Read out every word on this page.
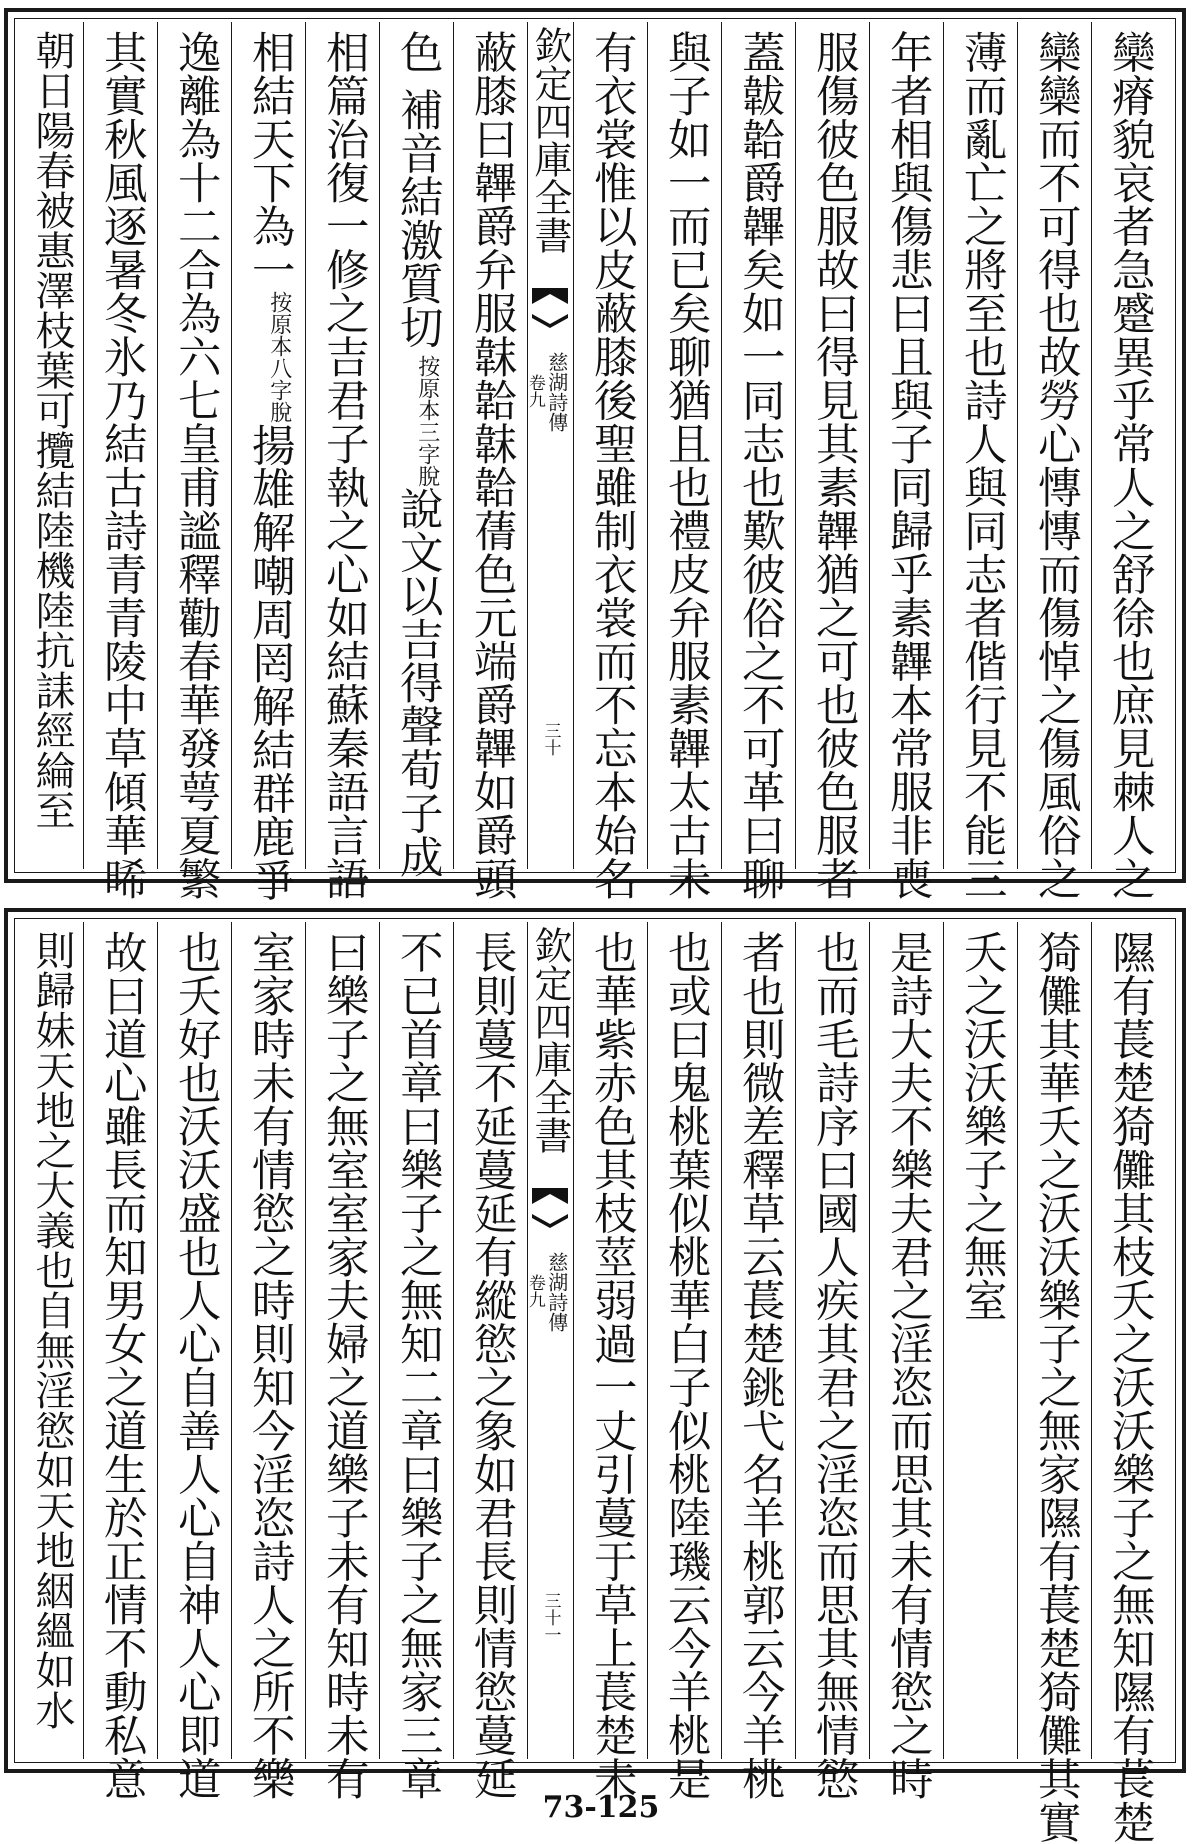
欒瘠貌哀者急蹙異乎常人之舒徐也庶見棘人之
欒欒而不可得也故勞心慱慱而傷悼之傷風俗之
薄而亂亡之將至也詩人與同志者偕行見不能三
年者相與傷悲曰且與子同歸乎素韠本常服非喪
服傷彼色服故曰得見其素韠猶之可也彼色服者
蓋韍韐爵韠矣如一同志也歎彼俗之不可革曰聊
與子如一而已矣聊猶且也禮皮弁服素韠太古未
有衣裳惟以皮蔽膝後聖雖制衣裳而不忘本始名
欽定四庫全書
慈湖詩傳
卷九
三十
蔽膝曰韠爵弁服韎韐韎韐蒨色元端爵韠如爵頭
色補音結激質切按原本三字脫說文以吉得聲荀子成
相篇治復一修之吉君子執之心如結蘇秦語言語
相結天下為一按原本八字脫揚雄解嘲周罔解結群鹿爭
逸離為十二合為六七皇甫謐釋勸春華發萼夏繁
其實秋風逐暑冬氷乃結古詩青青陵中草傾華晞
朝日陽春被惠澤枝葉可攬結陸機陸抗誄經綸至
隰有萇楚猗儺其枝夭之沃沃樂子之無知隰有萇楚
猗儺其華夭之沃沃樂子之無家隰有萇楚猗儺其實
夭之沃沃樂子之無室
是詩大夫不樂夫君之淫恣而思其未有情慾之時
也而毛詩序曰國人疾其君之淫恣而思其無情慾
者也則微差釋草云萇楚銚弋名羊桃郭云今羊桃
也或曰鬼桃葉似桃華白子似桃陸璣云今羊桃是
也華紫赤色其枝莖弱過一丈引蔓于草上萇楚未
欽定四庫全書
慈湖詩傳
卷九
三十一
長則蔓不延蔓延有縱慾之象如君長則情慾蔓延
不已首章曰樂子之無知二章曰樂子之無家三章
曰樂子之無室室家夫婦之道樂子未有知時未有
室家時未有情慾之時則知今淫恣詩人之所不樂
也夭好也沃沃盛也人心自善人心自神人心即道
故曰道心雖長而知男女之道生於正情不動私意
則歸妹天地之大義也自無淫慾如天地絪縕如水
73-125
